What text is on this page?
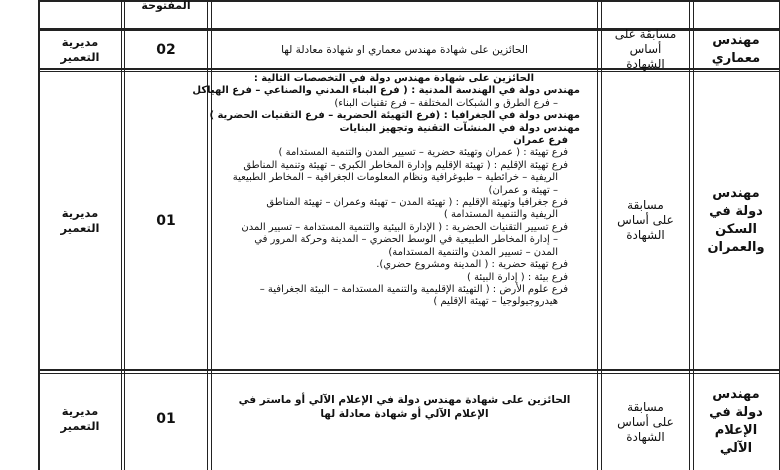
المفتوحة
مهندس معماري
مسابقة على أساس الشهادة
الحائزين على شهادة مهندس معماري او شهادة معادلة لها
02
مديرية التعمير
مهندس دولة في السكن والعمران
مسابقة على أساس الشهادة
الحائزين على شهادة مهندس دولة في التخصصات التالية :
مهندس دولة في الهندسة المدنية : ( فرع البناء المدني والصناعي – فرع الهياكل
– فرع الطرق و الشبكات المختلفة – فرع تقنيات البناء)
مهندس دولة في الجغرافيا : (فرع التهيئة الحضرية – فرع التقنيات الحضرية )
مهندس دولة في المنشآت التقنية وتجهيز البنايات
فرع عمران
فرع تهيئة : ( عمران وتهيئة حضرية – تسيير المدن والتنمية المستدامة )
فرع تهيئة الإقليم : ( تهيئة الإقليم وإدارة المخاطر الكبرى – تهيئة وتنمية المناطق
الريفية – خرائطية – طبوغرافية ونظام المعلومات الجغرافية – المخاطر الطبيعية
– تهيئة و عمران)
فرع جغرافيا وتهيئة الإقليم : ( تهيئة المدن – تهيئة وعمران – تهيئة المناطق
الريفية والتنمية المستدامة )
فرع تسيير التقنيات الحضرية : ( الإدارة البيئية والتنمية المستدامة – تسيير المدن
– إدارة المخاطر الطبيعية في الوسط الحضري – المدينة وحركة المرور في
المدن – تسيير المدن والتنمية المستدامة)
فرع تهيئة حضرية : ( المدينة ومشروع حضري).
فرع بيئة : ( إدارة البيئة )
فرع علوم الأرض : ( التهيئة الإقليمية والتنمية المستدامة – البيئة الجغرافية –
هيدروجيولوجيا – تهيئة الإقليم )
01
مديرية التعمير
مهندس دولة في الإعلام الآلي
مسابقة على أساس الشهادة
الحائزين على شهادة مهندس دولة في الإعلام الآلي أو ماستر في الإعلام الآلي أو شهادة معادلة لها
01
مديرية التعمير
